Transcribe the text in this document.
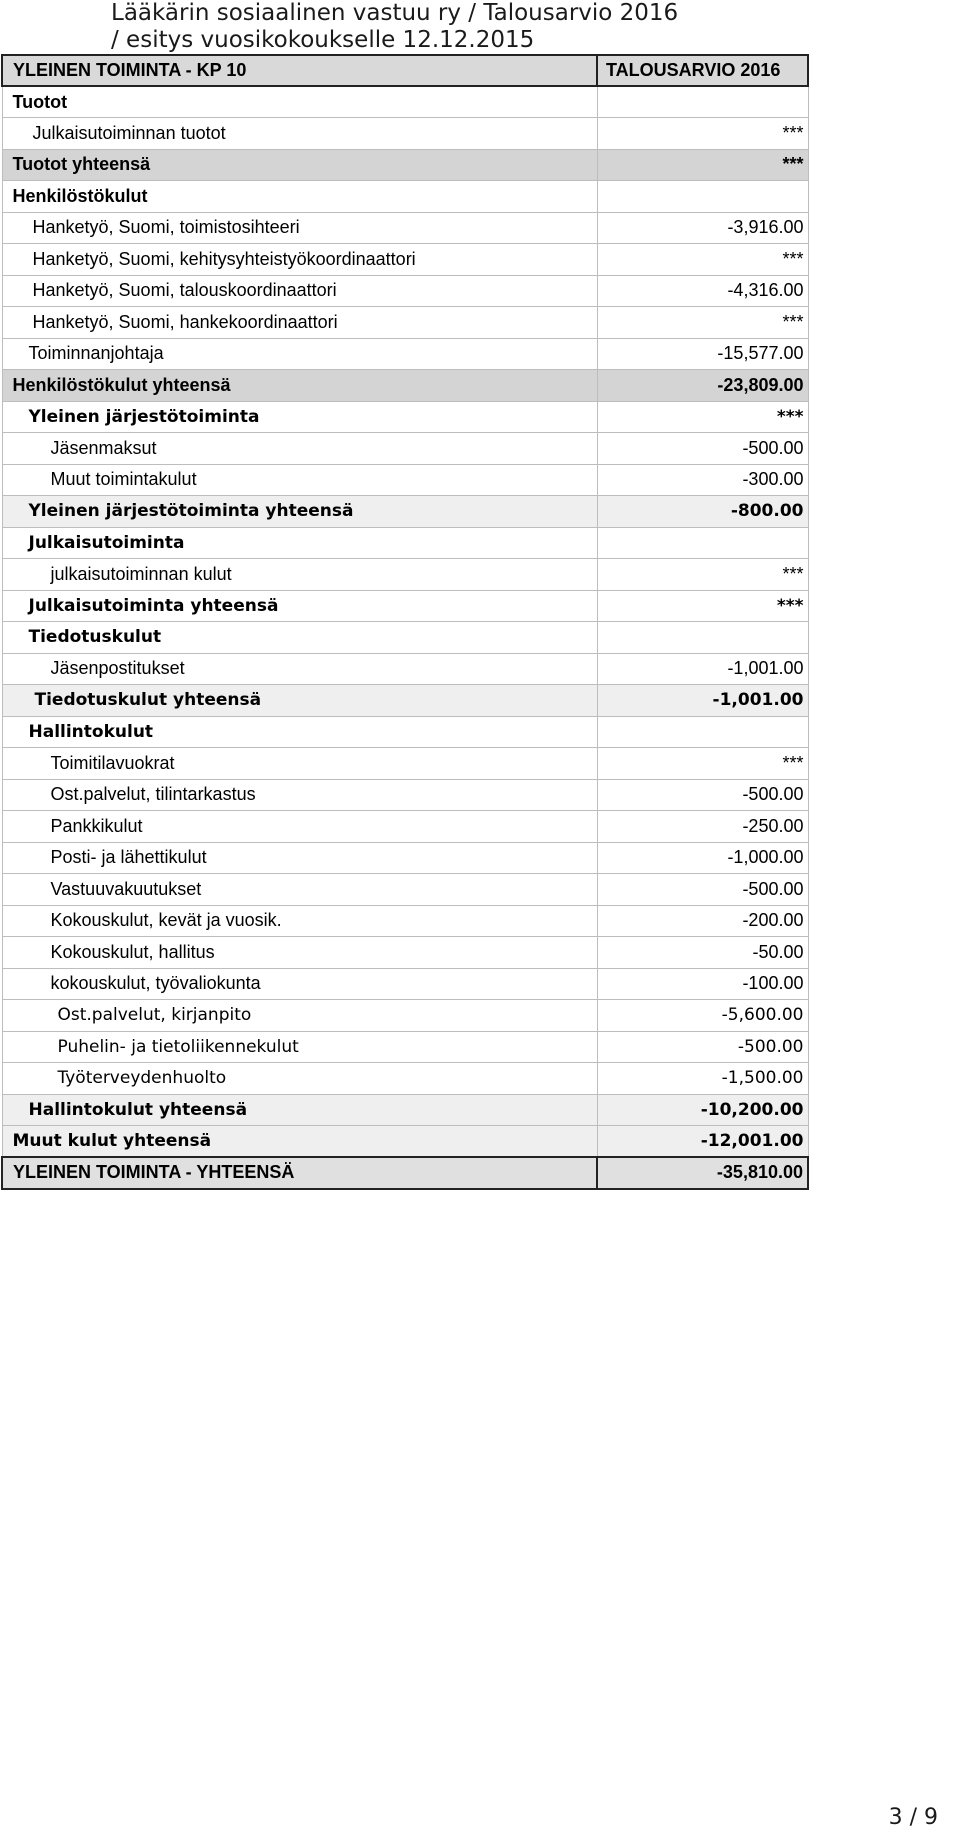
Lääkärin sosiaalinen vastuu ry / Talousarvio 2016
/ esitys vuosikokoukselle 12.12.2015
YLEINEN TOIMINTA - KP 10	TALOUSARVIO 2016
Tuotot	
Julkaisutoiminnan tuotot	***
Tuotot yhteensä	***
Henkilöstökulut	
Hanketyö, Suomi, toimistosihteeri	-3,916.00
Hanketyö, Suomi, kehitysyhteistyökoordinaattori	***
Hanketyö, Suomi, talouskoordinaattori	-4,316.00
Hanketyö, Suomi, hankekoordinaattori	***
Toiminnanjohtaja	-15,577.00
Henkilöstökulut yhteensä	-23,809.00
Yleinen järjestötoiminta	***
Jäsenmaksut	-500.00
Muut toimintakulut	-300.00
Yleinen järjestötoiminta yhteensä	-800.00
Julkaisutoiminta	
julkaisutoiminnan kulut	***
Julkaisutoiminta yhteensä	***
Tiedotuskulut	
Jäsenpostitukset	-1,001.00
Tiedotuskulut yhteensä	-1,001.00
Hallintokulut	
Toimitilavuokrat	***
Ost.palvelut, tilintarkastus	-500.00
Pankkikulut	-250.00
Posti- ja lähettikulut	-1,000.00
Vastuuvakuutukset	-500.00
Kokouskulut, kevät ja vuosik.	-200.00
Kokouskulut, hallitus	-50.00
kokouskulut, työvaliokunta	-100.00
Ost.palvelut, kirjanpito	-5,600.00
Puhelin- ja tietoliikennekulut	-500.00
Työterveydenhuolto	-1,500.00
Hallintokulut yhteensä	-10,200.00
Muut kulut yhteensä	-12,001.00
YLEINEN TOIMINTA - YHTEENSÄ	-35,810.00
3 / 9
